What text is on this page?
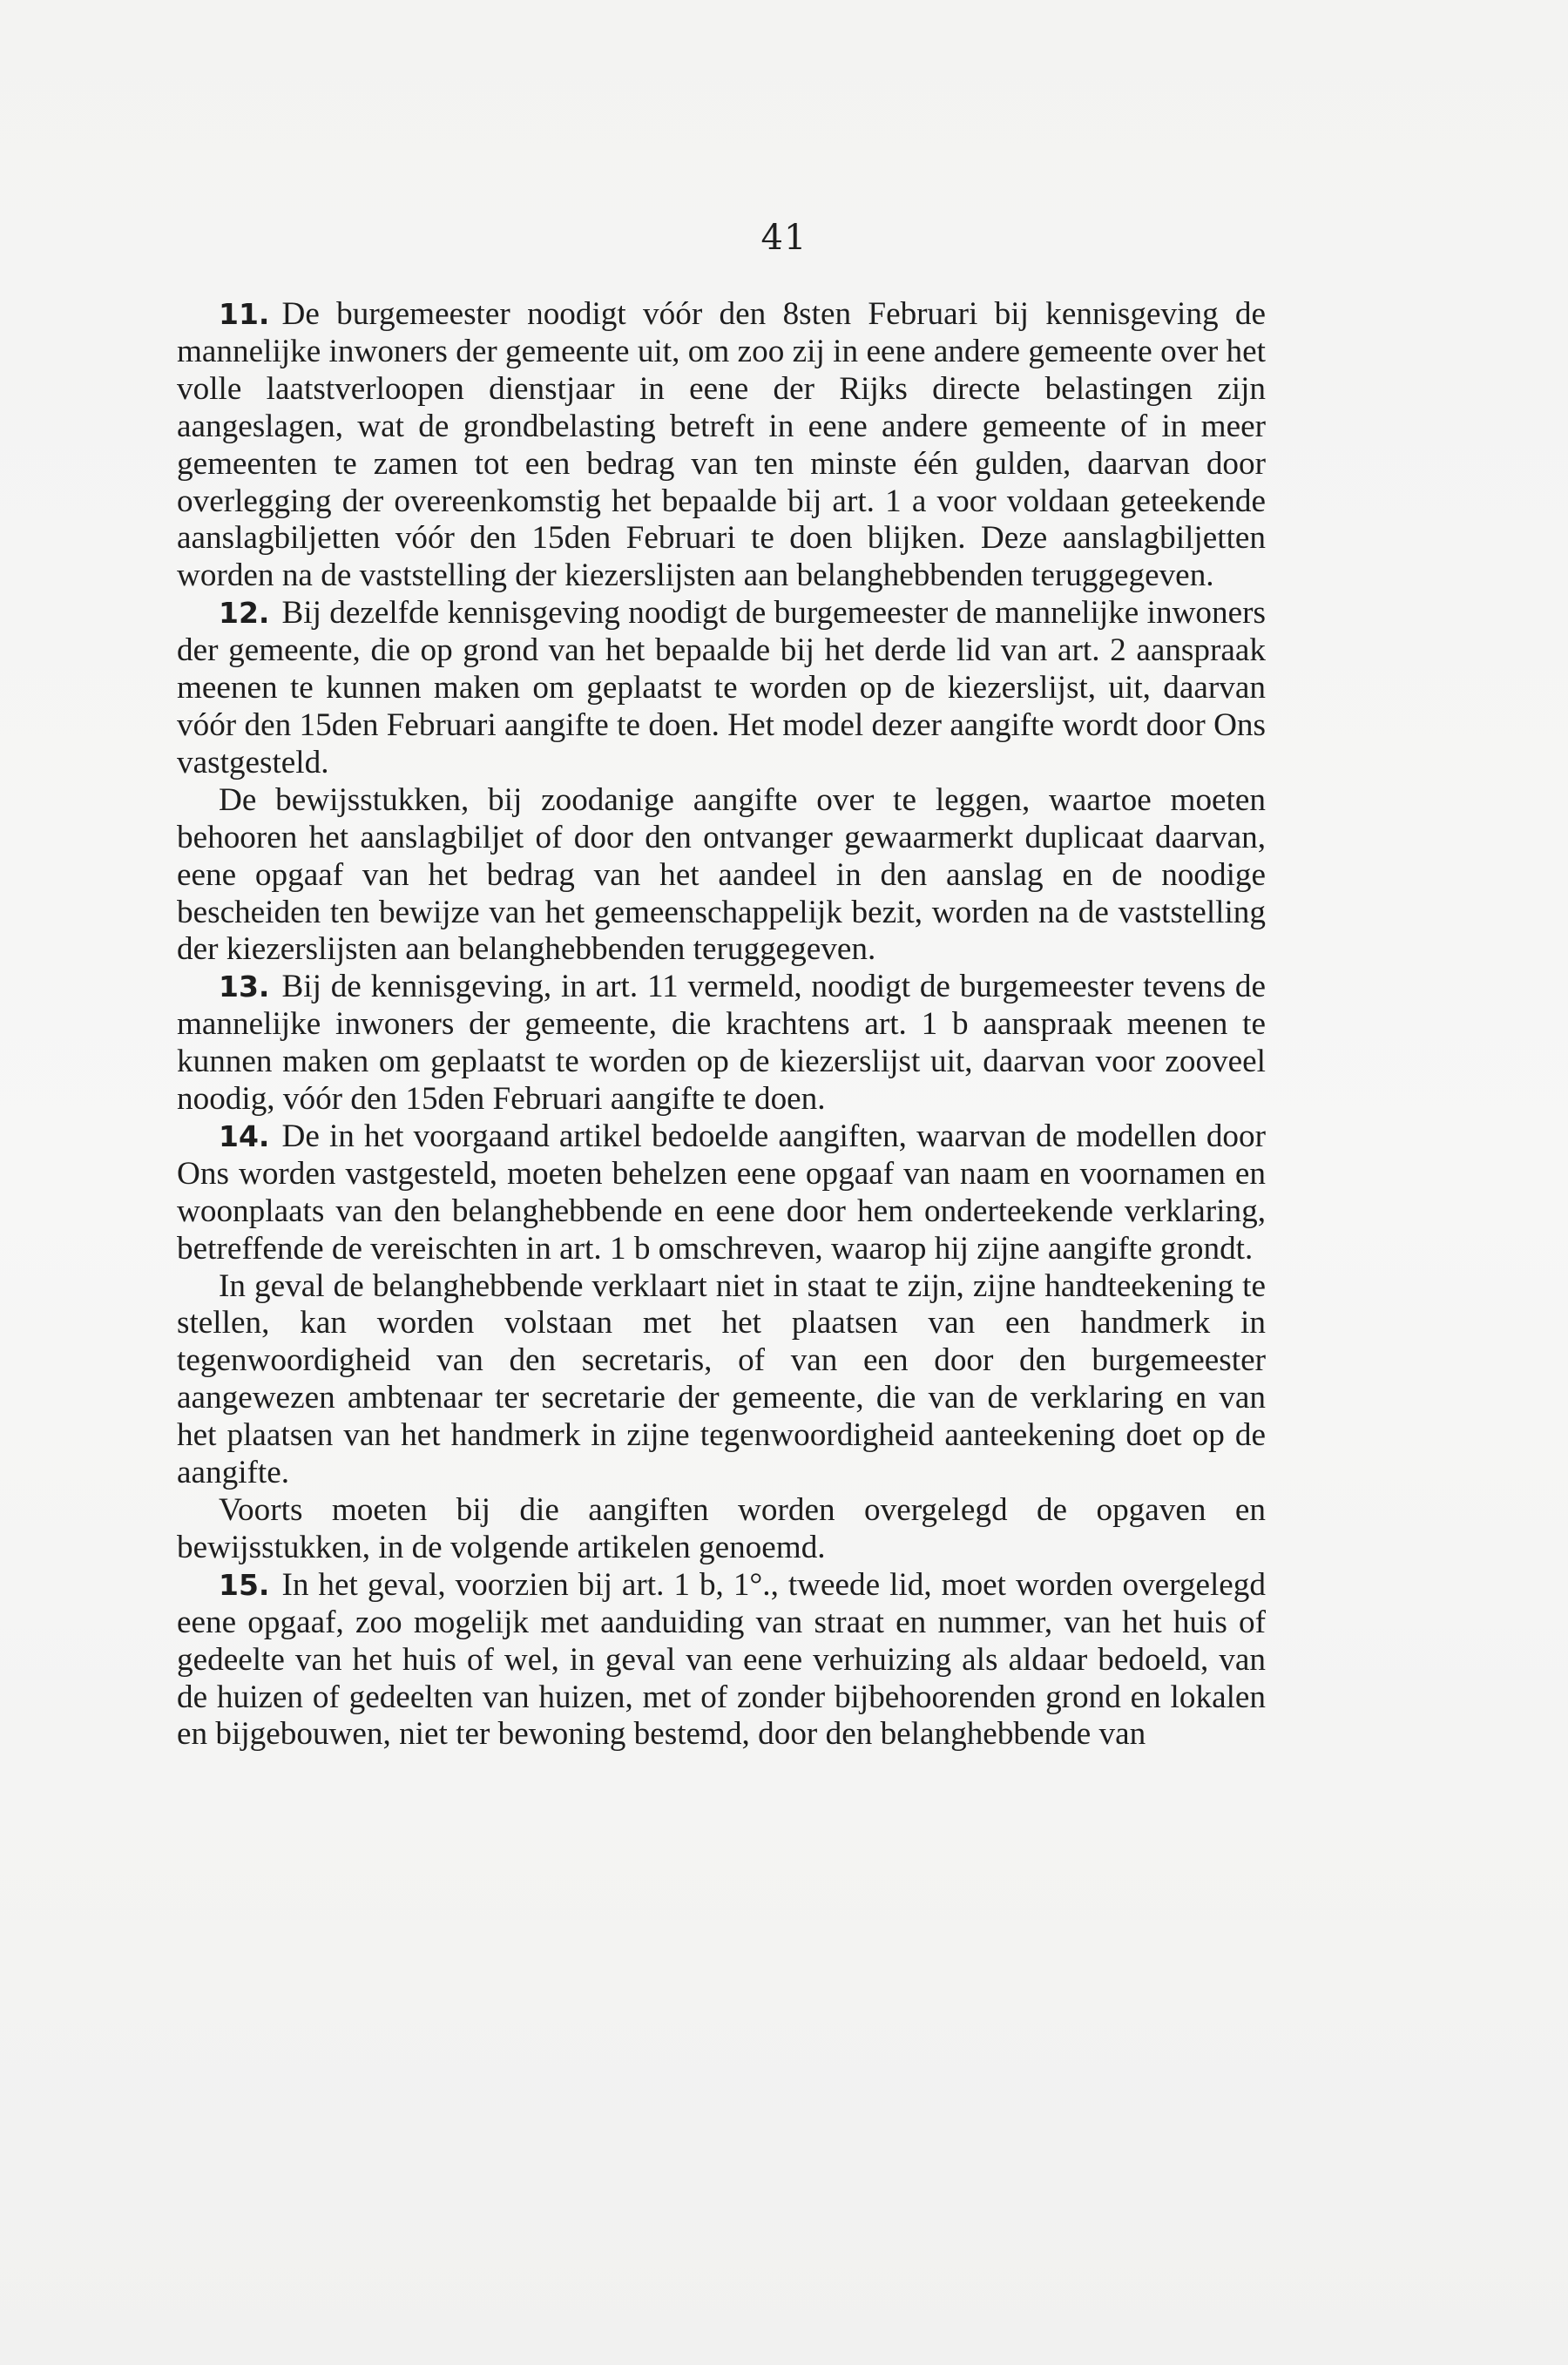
41

11. De burgemeester noodigt vóór den 8sten Februari bij kennisgeving de mannelijke inwoners der gemeente uit, om zoo zij in eene andere gemeente over het volle laatstverloopen dienstjaar in eene der Rijks directe belastingen zijn aangeslagen, wat de grondbelasting betreft in eene andere gemeente of in meer gemeenten te zamen tot een bedrag van ten minste één gulden, daarvan door overlegging der overeenkomstig het bepaalde bij art. 1 a voor voldaan geteekende aanslagbiljetten vóór den 15den Februari te doen blijken. Deze aanslagbiljetten worden na de vaststelling der kiezerslijsten aan belanghebbenden teruggegeven.

12. Bij dezelfde kennisgeving noodigt de burgemeester de mannelijke inwoners der gemeente, die op grond van het bepaalde bij het derde lid van art. 2 aanspraak meenen te kunnen maken om geplaatst te worden op de kiezerslijst, uit, daarvan vóór den 15den Februari aangifte te doen. Het model dezer aangifte wordt door Ons vastgesteld.

De bewijsstukken, bij zoodanige aangifte over te leggen, waartoe moeten behooren het aanslagbiljet of door den ontvanger gewaarmerkt duplicaat daarvan, eene opgaaf van het bedrag van het aandeel in den aanslag en de noodige bescheiden ten bewijze van het gemeenschappelijk bezit, worden na de vaststelling der kiezerslijsten aan belanghebbenden teruggegeven.

13. Bij de kennisgeving, in art. 11 vermeld, noodigt de burgemeester tevens de mannelijke inwoners der gemeente, die krachtens art. 1 b aanspraak meenen te kunnen maken om geplaatst te worden op de kiezerslijst uit, daarvan voor zooveel noodig, vóór den 15den Februari aangifte te doen.

14. De in het voorgaand artikel bedoelde aangiften, waarvan de modellen door Ons worden vastgesteld, moeten behelzen eene opgaaf van naam en voornamen en woonplaats van den belanghebbende en eene door hem onderteekende verklaring, betreffende de vereischten in art. 1 b omschreven, waarop hij zijne aangifte grondt.

In geval de belanghebbende verklaart niet in staat te zijn, zijne handteekening te stellen, kan worden volstaan met het plaatsen van een handmerk in tegenwoordigheid van den secretaris, of van een door den burgemeester aangewezen ambtenaar ter secretarie der gemeente, die van de verklaring en van het plaatsen van het handmerk in zijne tegenwoordigheid aanteekening doet op de aangifte.

Voorts moeten bij die aangiften worden overgelegd de opgaven en bewijsstukken, in de volgende artikelen genoemd.

15. In het geval, voorzien bij art. 1 b, 1°., tweede lid, moet worden overgelegd eene opgaaf, zoo mogelijk met aanduiding van straat en nummer, van het huis of gedeelte van het huis of wel, in geval van eene verhuizing als aldaar bedoeld, van de huizen of gedeelten van huizen, met of zonder bijbehoorenden grond en lokalen en bijgebouwen, niet ter bewoning bestemd, door den belanghebbende van
